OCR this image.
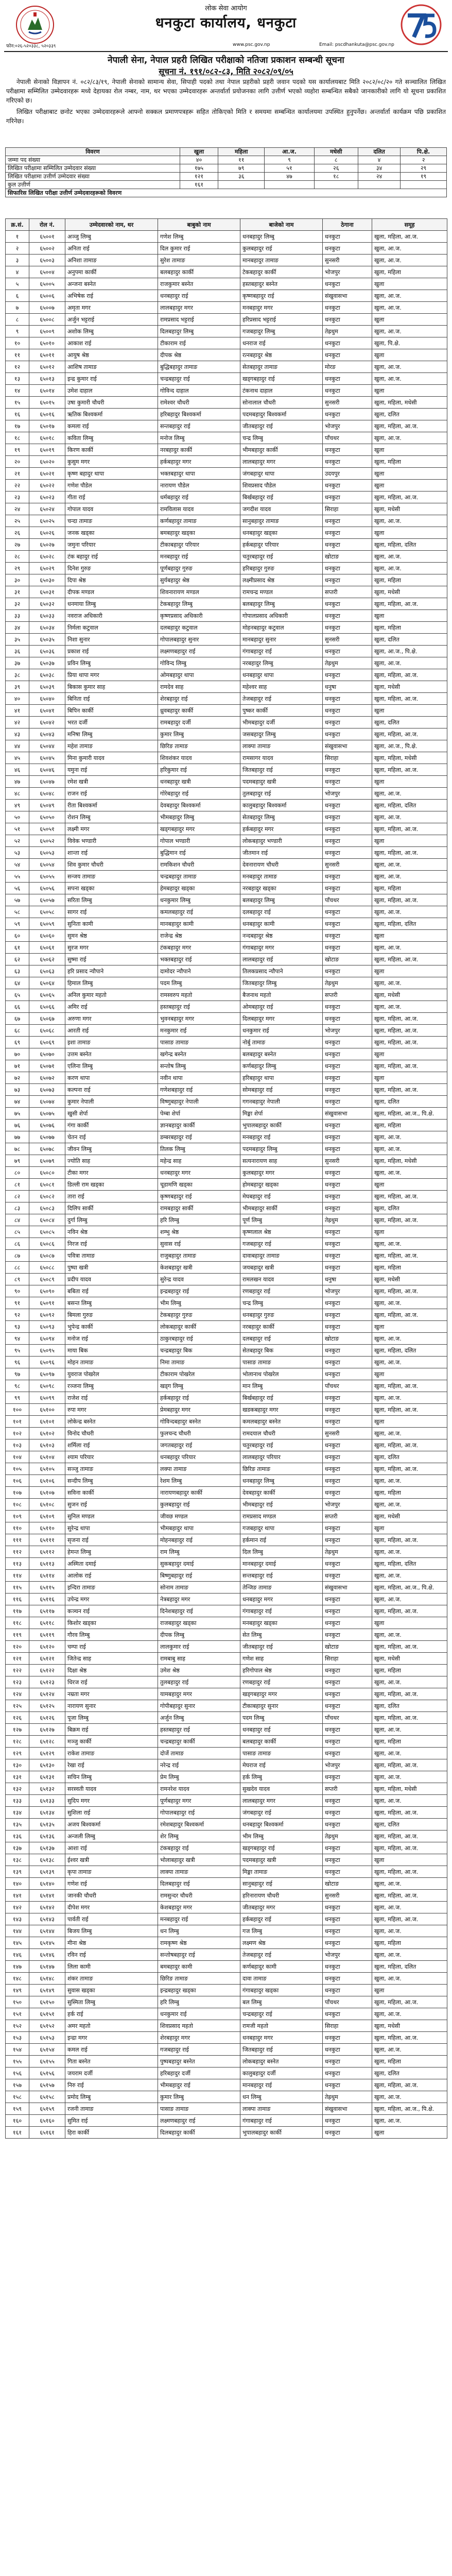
लोक सेवा आयोग
धनकुटा कार्यालय, धनकुटा
फोन:०२६-५२०३३८, ५२०३३९	www.psc.gov.np	Email: pscdhankuta@psc.gov.np
नेपाली सेना, नेपाल प्रहरी लिखित परीक्षाको नतिजा प्रकाशन सम्बन्धी सूचना
सूचना नं. १९१/०८२-८३, मिति २०८२/०९/०५

नेपाली सेनाको विज्ञापन नं. ०८२/८३/१९, नेपाली सेनाको सामान्य सेवा, सिपाही पदको तथा नेपाल प्रहरीको प्रहरी जवान पदको यस कार्यालयबाट मिति २०८२/०८/२० गते सञ्चालित लिखित परीक्षामा सम्मिलित उम्मेदवारहरू मध्ये देहायका रोल नम्बर, नाम, थर भएका उम्मेदवारहरू अन्तर्वार्ता प्रयोजनका लागि उत्तीर्ण भएको व्यहोरा सम्बन्धित सबैको जानकारीको लागि यो सूचना प्रकाशित गरिएको छ।

लिखित परीक्षाबाट छनोट भएका उम्मेदवारहरूले आफ्नो सक्कल प्रमाणपत्रहरू सहित तोकिएको मिति र समयमा सम्बन्धित कार्यालयमा उपस्थित हुनुपर्नेछ। अन्तर्वार्ता कार्यक्रम पछि प्रकाशित गरिनेछ।

विवरण	खुला	महिला	आ.ज.	मधेसी	दलित	पि.क्षे.
जम्मा पद संख्या	४०	११	९	८	४	२
लिखित परीक्षामा सम्मिलित उम्मेदवार संख्या	१७५	७९	५१	२६	३४	२९
लिखित परीक्षामा उत्तीर्ण उम्मेदवार संख्या	१२१	३६	४७	१८	२४	१९
कुल उत्तीर्ण	१६१					
सिफारिस लिखित परीक्षा उत्तीर्ण उम्मेदवारहरूको विवरण						
क्र.सं.	रोल नं.	उम्मेदवारको नाम, थर	बाबुको नाम	बाजेको नाम	ठेगाना	समूह
१	६५००१	अञ्जु लिम्बु	गणेश लिम्बु	धनबहादुर लिम्बु	धनकुटा	खुला, महिला, आ.ज.
२	६५००२	अनिता राई	दिल कुमार राई	कुलबहादुर राई	धनकुटा	खुला, आ.ज.
३	६५००३	अनिशा तामाङ	सुरेश तामाङ	मानबहादुर तामाङ	सुनसरी	खुला, आ.ज.
४	६५००४	अनुपमा कार्की	बलबहादुर कार्की	टेकबहादुर कार्की	भोजपुर	खुला, महिला
५	६५००५	अन्जना बस्नेत	राजकुमार बस्नेत	हस्तबहादुर बस्नेत	धनकुटा	खुला
६	६५००६	अभिषेक राई	धनबहादुर राई	कृष्णबहादुर राई	संखुवासभा	खुला, आ.ज.
७	६५००७	अमृता मगर	लालबहादुर मगर	मनबहादुर मगर	धनकुटा	खुला, आ.ज.
८	६५००८	अर्जुन भट्टराई	रामप्रसाद भट्टराई	हरिप्रसाद भट्टराई	धनकुटा	खुला
९	६५००९	अशोक लिम्बु	दिलबहादुर लिम्बु	गजबहादुर लिम्बु	तेह्रथुम	खुला, आ.ज.
१०	६५०१०	आकाश राई	टीकाराम राई	धनराज राई	धनकुटा	खुला, पि.क्षे.
११	६५०११	आयुष श्रेष्ठ	दीपक श्रेष्ठ	रत्नबहादुर श्रेष्ठ	धनकुटा	खुला
१२	६५०१२	आशिष तामाङ	बुद्धिबहादुर तामाङ	सेतबहादुर तामाङ	मोरङ	खुला, आ.ज.
१३	६५०१३	इन्द्र कुमार राई	चन्द्रबहादुर राई	खड्गबहादुर राई	धनकुटा	खुला, आ.ज.
१४	६५०१४	उमेश दाहाल	गोविन्द दाहाल	टंकनाथ दाहाल	धनकुटा	खुला
१५	६५०१५	उषा कुमारी चौधरी	रामेश्वर चौधरी	सोनालाल चौधरी	सुनसरी	खुला, महिला, मधेसी
१६	६५०१६	ऋतिक बिश्वकर्मा	हरिबहादुर बिश्वकर्मा	पदमबहादुर बिश्वकर्मा	धनकुटा	खुला, दलित
१७	६५०१७	कमला राई	सन्तबहादुर राई	जीतबहादुर राई	भोजपुर	खुला, महिला, आ.ज.
१८	६५०१८	कविता लिम्बु	मनोज लिम्बु	चन्द्र लिम्बु	पाँचथर	खुला, आ.ज.
१९	६५०१९	किरण कार्की	नरबहादुर कार्की	भीमबहादुर कार्की	धनकुटा	खुला
२०	६५०२०	कुसुम मगर	हर्कबहादुर मगर	लालबहादुर मगर	धनकुटा	खुला, महिला
२१	६५०२१	कृष्ण बहादुर थापा	भक्तबहादुर थापा	जंगबहादुर थापा	उदयपुर	खुला
२२	६५०२२	गणेश पौडेल	नारायण पौडेल	शिवप्रसाद पौडेल	धनकुटा	खुला
२३	६५०२३	गीता राई	धर्मबहादुर राई	बिर्खबहादुर राई	धनकुटा	खुला, महिला, आ.ज.
२४	६५०२४	गोपाल यादव	रामविलास यादव	जगदीश यादव	सिराहा	खुला, मधेसी
२५	६५०२५	चन्दा तामाङ	कर्णबहादुर तामाङ	सानुबहादुर तामाङ	धनकुटा	खुला, आ.ज.
२६	६५०२६	जनक खड्का	बमबहादुर खड्का	धनबहादुर खड्का	धनकुटा	खुला
२७	६५०२७	जमुना परियार	टीकाबहादुर परियार	हर्कबहादुर परियार	धनकुटा	खुला, महिला, दलित
२८	६५०२८	टंक बहादुर राई	मनबहादुर राई	चतुरबहादुर राई	खोटाङ	खुला, आ.ज.
२९	६५०२९	दिनेश गुरुङ	पूर्णबहादुर गुरुङ	हरिबहादुर गुरुङ	धनकुटा	खुला, आ.ज.
३०	६५०३०	दिपा श्रेष्ठ	सुर्यबहादुर श्रेष्ठ	लक्ष्मीप्रसाद श्रेष्ठ	धनकुटा	खुला, महिला
३१	६५०३१	दीपक मण्डल	शिवनारायण मण्डल	रामचन्द्र मण्डल	सप्तरी	खुला, मधेसी
३२	६५०३२	धनमाया लिम्बु	टेकबहादुर लिम्बु	बलबहादुर लिम्बु	धनकुटा	खुला, महिला, आ.ज.
३३	६५०३३	नवराज अधिकारी	कृष्णप्रसाद अधिकारी	गोपालप्रसाद अधिकारी	धनकुटा	खुला
३४	६५०३४	निर्मला कटुवाल	दलबहादुर कटुवाल	मोहनबहादुर कटुवाल	धनकुटा	खुला, महिला
३५	६५०३५	निशा सुनार	गोपालबहादुर सुनार	मानबहादुर सुनार	सुनसरी	खुला, दलित
३६	६५०३६	प्रकाश राई	लक्ष्मणबहादुर राई	गंगाबहादुर राई	धनकुटा	खुला, आ.ज., पि.क्षे.
३७	६५०३७	प्रविन लिम्बु	गोविन्द लिम्बु	नरबहादुर लिम्बु	तेह्रथुम	खुला, आ.ज.
३८	६५०३८	प्रिया थापा मगर	ओमबहादुर थापा	धनबहादुर थापा	धनकुटा	खुला, महिला, आ.ज.
३९	६५०३९	बिकास कुमार साह	रामदेव साह	महेश्वर साह	धनुषा	खुला, मधेसी
४०	६५०४०	बिनिता राई	शेरबहादुर राई	तेजबहादुर राई	धनकुटा	खुला, महिला, आ.ज.
४१	६५०४१	बिपिन कार्की	ध्रुवबहादुर कार्की	पुष्कर कार्की	धनकुटा	खुला
४२	६५०४२	भरत दर्जी	रामबहादुर दर्जी	भीमबहादुर दर्जी	धनकुटा	खुला, दलित
४३	६५०४३	मनिषा लिम्बु	कुमार लिम्बु	जसबहादुर लिम्बु	धनकुटा	खुला, महिला, आ.ज.
४४	६५०४४	महेश तामाङ	छिरिङ तामाङ	लाक्पा तामाङ	संखुवासभा	खुला, आ.ज., पि.क्षे.
४५	६५०४५	मिना कुमारी यादव	शिवशंकर यादव	रामसागर यादव	सिराहा	खुला, महिला, मधेसी
४६	६५०४६	यमुना राई	हरिकुमार राई	जितबहादुर राई	धनकुटा	खुला, महिला, आ.ज.
४७	६५०४७	रमेश खत्री	धनबहादुर खत्री	पदमबहादुर खत्री	धनकुटा	खुला
४८	६५०४८	राजन राई	गोरेबहादुर राई	तुलबहादुर राई	भोजपुर	खुला, आ.ज.
४९	६५०४९	रीता बिश्वकर्मा	देवबहादुर बिश्वकर्मा	कालुबहादुर बिश्वकर्मा	धनकुटा	खुला, महिला, दलित
५०	६५०५०	रोशन लिम्बु	भीमबहादुर लिम्बु	सेतबहादुर लिम्बु	धनकुटा	खुला, आ.ज.
५१	६५०५१	लक्ष्मी मगर	खड्गबहादुर मगर	हर्कबहादुर मगर	धनकुटा	खुला, महिला, आ.ज.
५२	६५०५२	विवेक भण्डारी	गोपाल भण्डारी	लोकबहादुर भण्डारी	धनकुटा	खुला
५३	६५०५३	शान्ता राई	बुद्धिमान राई	जीतमान राई	धनकुटा	खुला, महिला, आ.ज.
५४	६५०५४	शिव कुमार चौधरी	रामकिशन चौधरी	देवनारायण चौधरी	सुनसरी	खुला, आ.ज.
५५	६५०५५	सन्जय तामाङ	चन्द्रबहादुर तामाङ	मनबहादुर तामाङ	धनकुटा	खुला, आ.ज.
५६	६५०५६	सपना खड्का	हेमबहादुर खड्का	नरबहादुर खड्का	धनकुटा	खुला, महिला
५७	६५०५७	सरिता लिम्बु	धनकुमार लिम्बु	बलबहादुर लिम्बु	पाँचथर	खुला, महिला, आ.ज.
५८	६५०५८	सागर राई	कमलबहादुर राई	दलबहादुर राई	धनकुटा	खुला, आ.ज.
५९	६५०५९	सुनिता कामी	मानबहादुर कामी	धनबहादुर कामी	धनकुटा	खुला, महिला, दलित
६०	६५०६०	सुमन श्रेष्ठ	राजेन्द्र श्रेष्ठ	नन्दबहादुर श्रेष्ठ	धनकुटा	खुला
६१	६५०६१	सुरज मगर	टंकबहादुर मगर	गंगाबहादुर मगर	धनकुटा	खुला, आ.ज.
६२	६५०६२	सुष्मा राई	भक्तबहादुर राई	लालबहादुर राई	खोटाङ	खुला, महिला, आ.ज.
६३	६५०६३	हरि प्रसाद न्यौपाने	दामोदर न्यौपाने	तिलकप्रसाद न्यौपाने	धनकुटा	खुला
६४	६५०६४	हिमाल लिम्बु	पदम लिम्बु	जितबहादुर लिम्बु	तेह्रथुम	खुला, आ.ज.
६५	६५०६५	अनिल कुमार महतो	रामस्वरुप महतो	बैजनाथ महतो	सप्तरी	खुला, मधेसी
६६	६५०६६	अमिर राई	हस्तबहादुर राई	ओमबहादुर राई	धनकुटा	खुला, आ.ज.
६७	६५०६७	अरुणा मगर	भुवनबहादुर मगर	दिलबहादुर मगर	धनकुटा	खुला, महिला, आ.ज.
६८	६५०६८	आरती राई	मनकुमार राई	धनकुमार राई	भोजपुर	खुला, महिला, आ.ज.
६९	६५०६९	इशा तामाङ	पासाङ तामाङ	नोर्बु तामाङ	धनकुटा	खुला, महिला, आ.ज.
७०	६५०७०	उत्तम बस्नेत	खगेन्द्र बस्नेत	बलबहादुर बस्नेत	धनकुटा	खुला
७१	६५०७१	एलिना लिम्बु	सन्तोष लिम्बु	कर्णबहादुर लिम्बु	धनकुटा	खुला, महिला, आ.ज.
७२	६५०७२	करण थापा	नवीन थापा	हरिबहादुर थापा	धनकुटा	खुला
७३	६५०७३	कल्पना राई	गणेशबहादुर राई	सोमबहादुर राई	धनकुटा	खुला, महिला, आ.ज.
७४	६५०७४	कुमार नेपाली	विष्णुबहादुर नेपाली	गगनबहादुर नेपाली	धनकुटा	खुला, दलित
७५	६५०७५	खुसी शेर्पा	पेम्बा शेर्पा	मिङ्मा शेर्पा	संखुवासभा	खुला, महिला, आ.ज., पि.क्षे.
७६	६५०७६	गंगा कार्की	ज्ञानबहादुर कार्की	भुपालबहादुर कार्की	धनकुटा	खुला, महिला
७७	६५०७७	चेतन राई	डम्बरबहादुर राई	मनबहादुर राई	धनकुटा	खुला, आ.ज.
७८	६५०७८	जीवन लिम्बु	तिलक लिम्बु	पदमबहादुर लिम्बु	धनकुटा	खुला, आ.ज.
७९	६५०७९	ज्योति साह	महेन्द्र साह	सत्यनारायण साह	सुनसरी	खुला, महिला, मधेसी
८०	६५०८०	टीका मगर	धनबहादुर मगर	कुलबहादुर मगर	धनकुटा	खुला, आ.ज.
८१	६५०८१	डिल्ली राम खड्का	चूडामणि खड्का	होमबहादुर खड्का	धनकुटा	खुला
८२	६५०८२	तारा राई	कृष्णबहादुर राई	मेघबहादुर राई	धनकुटा	खुला, महिला, आ.ज.
८३	६५०८३	दिलिप सार्की	रामबहादुर सार्की	भीमबहादुर सार्की	धनकुटा	खुला, दलित
८४	६५०८४	दुर्गा लिम्बु	हरि लिम्बु	पूर्ण लिम्बु	तेह्रथुम	खुला, महिला, आ.ज.
८५	६५०८५	नविन श्रेष्ठ	शम्भु श्रेष्ठ	कृष्णलाल श्रेष्ठ	धनकुटा	खुला
८६	६५०८६	निरज राई	सुवास राई	गजबहादुर राई	धनकुटा	खुला, आ.ज.
८७	६५०८७	पवित्रा तामाङ	राजुबहादुर तामाङ	दावाबहादुर तामाङ	धनकुटा	खुला, महिला, आ.ज.
८८	६५०८८	पुष्पा खत्री	केशबहादुर खत्री	जयबहादुर खत्री	धनकुटा	खुला, महिला
८९	६५०८९	प्रदीप यादव	सुरेन्द्र यादव	रामलखन यादव	धनुषा	खुला, मधेसी
९०	६५०९०	बबिता राई	इन्द्रबहादुर राई	रणबहादुर राई	भोजपुर	खुला, महिला, आ.ज.
९१	६५०९१	बसन्त लिम्बु	भीम लिम्बु	चन्द्र लिम्बु	धनकुटा	खुला, आ.ज.
९२	६५०९२	बिमला गुरुङ	टेकबहादुर गुरुङ	धनबहादुर गुरुङ	धनकुटा	खुला, महिला, आ.ज.
९३	६५०९३	भुपेन्द्र कार्की	लोकबहादुर कार्की	नरबहादुर कार्की	धनकुटा	खुला
९४	६५०९४	मनोज राई	ठाकुरबहादुर राई	दलबहादुर राई	खोटाङ	खुला, आ.ज.
९५	६५०९५	माया बिक	चन्द्रबहादुर बिक	सेतबहादुर बिक	धनकुटा	खुला, महिला, दलित
९६	६५०९६	मोहन तामाङ	निमा तामाङ	पासाङ तामाङ	धनकुटा	खुला, आ.ज.
९७	६५०९७	युवराज पोखरेल	टीकाराम पोखरेल	भोलानाथ पोखरेल	धनकुटा	खुला
९८	६५०९८	रञ्जना लिम्बु	खड्ग लिम्बु	मान लिम्बु	पाँचथर	खुला, महिला, आ.ज.
९९	६५०९९	राजेश राई	हर्कबहादुर राई	बिर्खबहादुर राई	धनकुटा	खुला, आ.ज.
१००	६५१००	रुपा मगर	प्रेमबहादुर मगर	खडकबहादुर मगर	धनकुटा	खुला, महिला, आ.ज.
१०१	६५१०१	लोकेन्द्र बस्नेत	गोविन्दबहादुर बस्नेत	कमलबहादुर बस्नेत	धनकुटा	खुला
१०२	६५१०२	विनोद चौधरी	फुलचन्द चौधरी	रामदयाल चौधरी	सुनसरी	खुला, आ.ज.
१०३	६५१०३	शर्मिला राई	जगतबहादुर राई	चतुरबहादुर राई	धनकुटा	खुला, महिला, आ.ज.
१०४	६५१०४	श्याम परियार	धनबहादुर परियार	लालबहादुर परियार	धनकुटा	खुला, दलित
१०५	६५१०५	सञ्जु तामाङ	लक्पा तामाङ	छिरिङ तामाङ	धनकुटा	खुला, महिला, आ.ज.
१०६	६५१०६	सन्दीप लिम्बु	रेशम लिम्बु	धनबहादुर लिम्बु	धनकुटा	खुला, आ.ज.
१०७	६५१०७	सविना कार्की	नारायणबहादुर कार्की	देवबहादुर कार्की	धनकुटा	खुला, महिला
१०८	६५१०८	सुजन राई	कुलबहादुर राई	भीमबहादुर राई	भोजपुर	खुला, आ.ज.
१०९	६५१०९	सुनिल मण्डल	जीवछ मण्डल	रामप्रसाद मण्डल	सप्तरी	खुला, मधेसी
११०	६५११०	सुरेन्द्र थापा	भीमबहादुर थापा	गजबहादुर थापा	धनकुटा	खुला
१११	६५१११	सृजना राई	मोहनबहादुर राई	हर्कमान राई	धनकुटा	खुला, महिला, आ.ज.
११२	६५११२	हेमन्त लिम्बु	राम लिम्बु	दिल लिम्बु	तेह्रथुम	खुला, आ.ज.
११३	६५११३	अस्मिता दमाई	सुकबहादुर दमाई	मानबहादुर दमाई	धनकुटा	खुला, महिला, दलित
११४	६५११४	आलोक राई	बिष्णुबहादुर राई	सन्तबहादुर राई	धनकुटा	खुला, आ.ज.
११५	६५११५	इन्दिरा तामाङ	सोनाम तामाङ	तेन्जिङ तामाङ	संखुवासभा	खुला, महिला, आ.ज., पि.क्षे.
११६	६५११६	उपेन्द्र मगर	नेत्रबहादुर मगर	धनबहादुर मगर	धनकुटा	खुला, आ.ज.
११७	६५११७	कञ्चन राई	दिनेशबहादुर राई	गंगाबहादुर राई	धनकुटा	खुला, महिला, आ.ज.
११८	६५११८	किशोर खड्का	राजबहादुर खड्का	मनबहादुर खड्का	धनकुटा	खुला
११९	६५११९	गौरव लिम्बु	दीपक लिम्बु	सेत लिम्बु	धनकुटा	खुला, आ.ज.
१२०	६५१२०	चम्पा राई	लालकुमार राई	जीतबहादुर राई	खोटाङ	खुला, महिला, आ.ज.
१२१	६५१२१	जितेन्द्र साह	रामबाबु साह	गणेश साह	सिराहा	खुला, मधेसी
१२२	६५१२२	दिक्षा श्रेष्ठ	उमेश श्रेष्ठ	हरिगोपाल श्रेष्ठ	धनकुटा	खुला, महिला
१२३	६५१२३	धिरज राई	तुलबहादुर राई	रणबहादुर राई	धनकुटा	खुला, आ.ज.
१२४	६५१२४	नम्रता मगर	यामबहादुर मगर	खड्गबहादुर मगर	धनकुटा	खुला, महिला, आ.ज.
१२५	६५१२५	नारायण सुनार	गोपीबहादुर सुनार	टीकाबहादुर सुनार	धनकुटा	खुला, दलित
१२६	६५१२६	पूजा लिम्बु	अर्जुन लिम्बु	पदम लिम्बु	पाँचथर	खुला, महिला, आ.ज.
१२७	६५१२७	बिक्रम राई	हस्तबहादुर राई	धनबहादुर राई	धनकुटा	खुला, आ.ज.
१२८	६५१२८	मञ्जु कार्की	चन्द्रबहादुर कार्की	बलबहादुर कार्की	धनकुटा	खुला, महिला
१२९	६५१२९	राकेश तामाङ	दोर्जे तामाङ	पासाङ तामाङ	धनकुटा	खुला, आ.ज.
१३०	६५१३०	रेखा राई	नरेन्द्र राई	मेघराज राई	भोजपुर	खुला, महिला, आ.ज.
१३१	६५१३१	सचिन लिम्बु	प्रेम लिम्बु	हर्क लिम्बु	धनकुटा	खुला, आ.ज.
१३२	६५१३२	सरस्वती यादव	रामनरेश यादव	सुखदेव यादव	सप्तरी	खुला, महिला, मधेसी
१३३	६५१३३	सुदिप मगर	पूर्णबहादुर मगर	लालबहादुर मगर	धनकुटा	खुला, आ.ज.
१३४	६५१३४	सुशिला राई	गोपालबहादुर राई	जंगबहादुर राई	धनकुटा	खुला, महिला, आ.ज.
१३५	६५१३५	अजय बिश्वकर्मा	रमेशबहादुर बिश्वकर्मा	धनबहादुर बिश्वकर्मा	धनकुटा	खुला, दलित
१३६	६५१३६	अन्जली लिम्बु	शेर लिम्बु	भीम लिम्बु	तेह्रथुम	खुला, महिला, आ.ज.
१३७	६५१३७	आशा राई	टंकबहादुर राई	खड्गबहादुर राई	धनकुटा	खुला, महिला, आ.ज.
१३८	६५१३८	ईश्वर खत्री	भोलाबहादुर खत्री	पदमबहादुर खत्री	धनकुटा	खुला
१३९	६५१३९	कृपा तामाङ	लाक्पा तामाङ	मिङ्मा तामाङ	धनकुटा	खुला, महिला, आ.ज.
१४०	६५१४०	गणेश राई	दिलबहादुर राई	सानुबहादुर राई	खोटाङ	खुला, आ.ज.
१४१	६५१४१	जानकी चौधरी	रामसुन्दर चौधरी	हरिनारायण चौधरी	सुनसरी	खुला, महिला, आ.ज.
१४२	६५१४२	दीपेश मगर	केशबहादुर मगर	जीतबहादुर मगर	धनकुटा	खुला, आ.ज.
१४३	६५१४३	पार्वती राई	मनबहादुर राई	हर्कबहादुर राई	धनकुटा	खुला, महिला, आ.ज.
१४४	६५१४४	बिजय लिम्बु	धन लिम्बु	गज लिम्बु	धनकुटा	खुला, आ.ज.
१४५	६५१४५	मीना श्रेष्ठ	रामकृष्ण श्रेष्ठ	लक्ष्मण श्रेष्ठ	धनकुटा	खुला, महिला
१४६	६५१४६	रविन राई	सन्तोषबहादुर राई	तेजबहादुर राई	भोजपुर	खुला, आ.ज.
१४७	६५१४७	लिला कामी	बमबहादुर कामी	कर्णबहादुर कामी	धनकुटा	खुला, महिला, दलित
१४८	६५१४८	शंकर तामाङ	छिरिङ तामाङ	दावा तामाङ	धनकुटा	खुला, आ.ज.
१४९	६५१४९	सुवास खड्का	इन्द्रबहादुर खड्का	गंगाबहादुर खड्का	धनकुटा	खुला
१५०	६५१५०	सुस्मिता लिम्बु	हरि लिम्बु	बल लिम्बु	पाँचथर	खुला, महिला, आ.ज.
१५१	६५१५१	हर्क राई	धनकुमार राई	चन्द्रबहादुर राई	धनकुटा	खुला, आ.ज.
१५२	६५१५२	अमर महतो	शिवप्रसाद महतो	रामजी महतो	सिराहा	खुला, मधेसी
१५३	६५१५३	इन्द्रा मगर	शेरबहादुर मगर	धनबहादुर मगर	धनकुटा	खुला, महिला, आ.ज.
१५४	६५१५४	कमल राई	गजबहादुर राई	जितबहादुर राई	धनकुटा	खुला, आ.ज.
१५५	६५१५५	गिता बस्नेत	पुष्पबहादुर बस्नेत	लोकबहादुर बस्नेत	धनकुटा	खुला, महिला
१५६	६५१५६	जयराम दर्जी	हरिबहादुर दर्जी	कालुबहादुर दर्जी	धनकुटा	खुला, दलित
१५७	६५१५७	निरु राई	भीमबहादुर राई	मानबहादुर राई	धनकुटा	खुला, महिला, आ.ज.
१५८	६५१५८	प्रमोद लिम्बु	कुमार लिम्बु	धन लिम्बु	तेह्रथुम	खुला, आ.ज.
१५९	६५१५९	रजनी तामाङ	पासाङ तामाङ	लाक्पा तामाङ	संखुवासभा	खुला, महिला, आ.ज., पि.क्षे.
१६०	६५१६०	सुमित राई	लक्ष्मणबहादुर राई	गंगाबहादुर राई	धनकुटा	खुला, आ.ज.
१६१	६५१६१	हिरा कार्की	दिलबहादुर कार्की	भुपालबहादुर कार्की	धनकुटा	खुला
